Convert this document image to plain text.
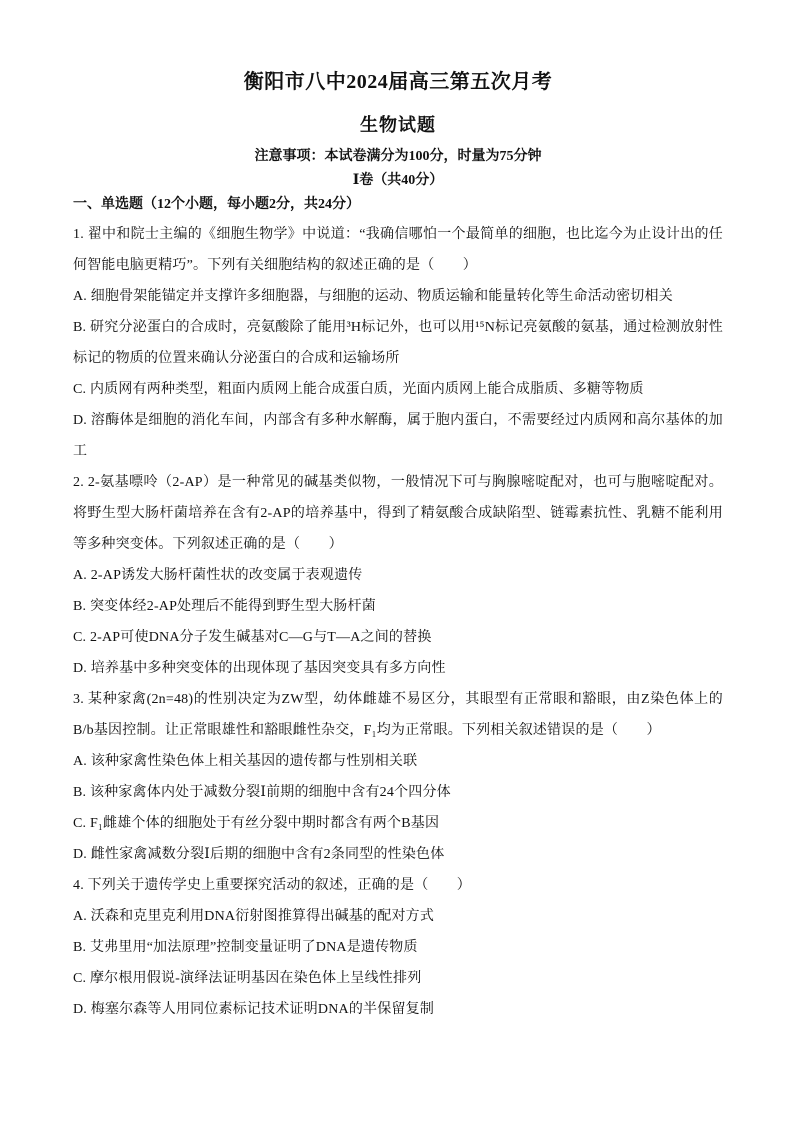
衡阳市八中2024届高三第五次月考
生物试题
注意事项：本试卷满分为100分，时量为75分钟
Ⅰ卷（共40分）
一、单选题（12个小题，每小题2分，共24分）

1. 翟中和院士主编的《细胞生物学》中说道：“我确信哪怕一个最简单的细胞，也比迄今为止设计出的任何智能电脑更精巧”。下列有关细胞结构的叙述正确的是（　　）

A. 细胞骨架能锚定并支撑许多细胞器，与细胞的运动、物质运输和能量转化等生命活动密切相关

B. 研究分泌蛋白的合成时，亮氨酸除了能用³H标记外，也可以用¹⁵N标记亮氨酸的氨基，通过检测放射性标记的物质的位置来确认分泌蛋白的合成和运输场所

C. 内质网有两种类型，粗面内质网上能合成蛋白质，光面内质网上能合成脂质、多糖等物质

D. 溶酶体是细胞的消化车间，内部含有多种水解酶，属于胞内蛋白，不需要经过内质网和高尔基体的加工

2. 2-氨基嘌呤（2-AP）是一种常见的碱基类似物，一般情况下可与胸腺嘧啶配对，也可与胞嘧啶配对。将野生型大肠杆菌培养在含有2-AP的培养基中，得到了精氨酸合成缺陷型、链霉素抗性、乳糖不能利用等多种突变体。下列叙述正确的是（　　）

A. 2-AP诱发大肠杆菌性状的改变属于表观遗传

B. 突变体经2-AP处理后不能得到野生型大肠杆菌

C. 2-AP可使DNA分子发生碱基对C—G与T—A之间的替换

D. 培养基中多种突变体的出现体现了基因突变具有多方向性

3. 某种家禽(2n=48)的性别决定为ZW型，幼体雌雄不易区分，其眼型有正常眼和豁眼，由Z染色体上的B/b基因控制。让正常眼雄性和豁眼雌性杂交，F₁均为正常眼。下列相关叙述错误的是（　　）

A. 该种家禽性染色体上相关基因的遗传都与性别相关联

B. 该种家禽体内处于减数分裂Ⅰ前期的细胞中含有24个四分体

C. F₁雌雄个体的细胞处于有丝分裂中期时都含有两个B基因

D. 雌性家禽减数分裂Ⅰ后期的细胞中含有2条同型的性染色体

4. 下列关于遗传学史上重要探究活动的叙述，正确的是（　　）

A. 沃森和克里克利用DNA衍射图推算得出碱基的配对方式

B. 艾弗里用“加法原理”控制变量证明了DNA是遗传物质

C. 摩尔根用假说-演绎法证明基因在染色体上呈线性排列

D. 梅塞尔森等人用同位素标记技术证明DNA的半保留复制
